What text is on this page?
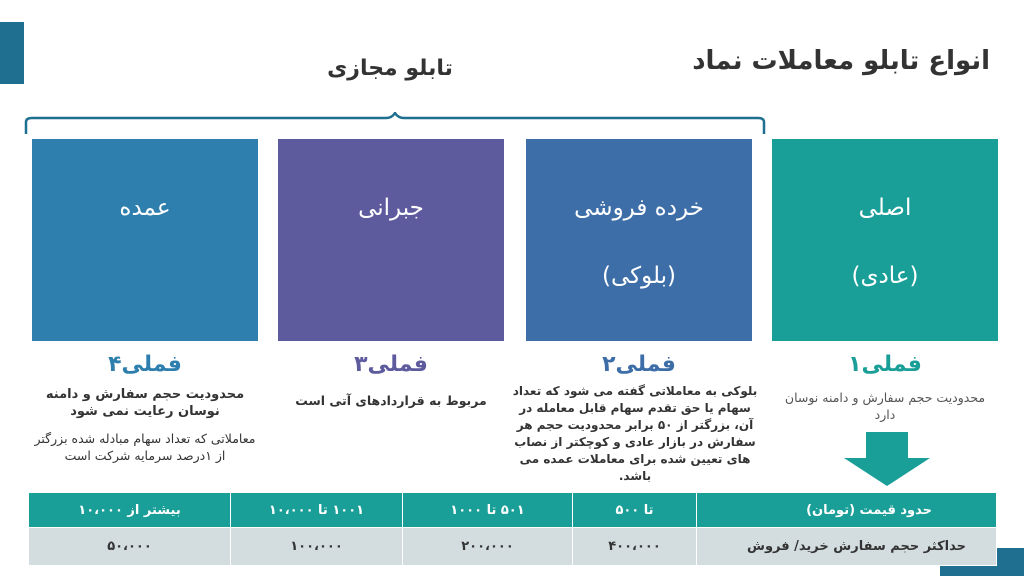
انواع تابلو معاملات نماد
تابلو مجازی
اصلی
(عادی)
خرده فروشی
(بلوکی)
جبرانی
عمده
فملی۱
فملی۲
فملی۳
فملی۴
محدودیت حجم سفارش و دامنه نوسان دارد
بلوکی به معاملاتی گفته می شود که تعداد سهام یا حق تقدم سهام قابل معامله در آن، بزرگتر از ۵۰ برابر محدودیت حجم هر سفارش در بازار عادی و کوچکتر از نصاب های تعیین شده برای معاملات عمده می باشد.
مربوط به قراردادهای آتی است
محدودیت حجم سفارش و دامنه نوسان رعایت نمی شود
معاملاتی که تعداد سهام مبادله شده بزرگتر از ۱درصد سرمایه شرکت است
حدود قیمت (تومان)	تا ۵۰۰	۵۰۱ تا ۱۰۰۰	۱۰۰۱ تا ۱۰،۰۰۰	بیشتر از ۱۰،۰۰۰
حداکثر حجم سفارش خرید/ فروش	۴۰۰،۰۰۰	۲۰۰،۰۰۰	۱۰۰،۰۰۰	۵۰،۰۰۰
